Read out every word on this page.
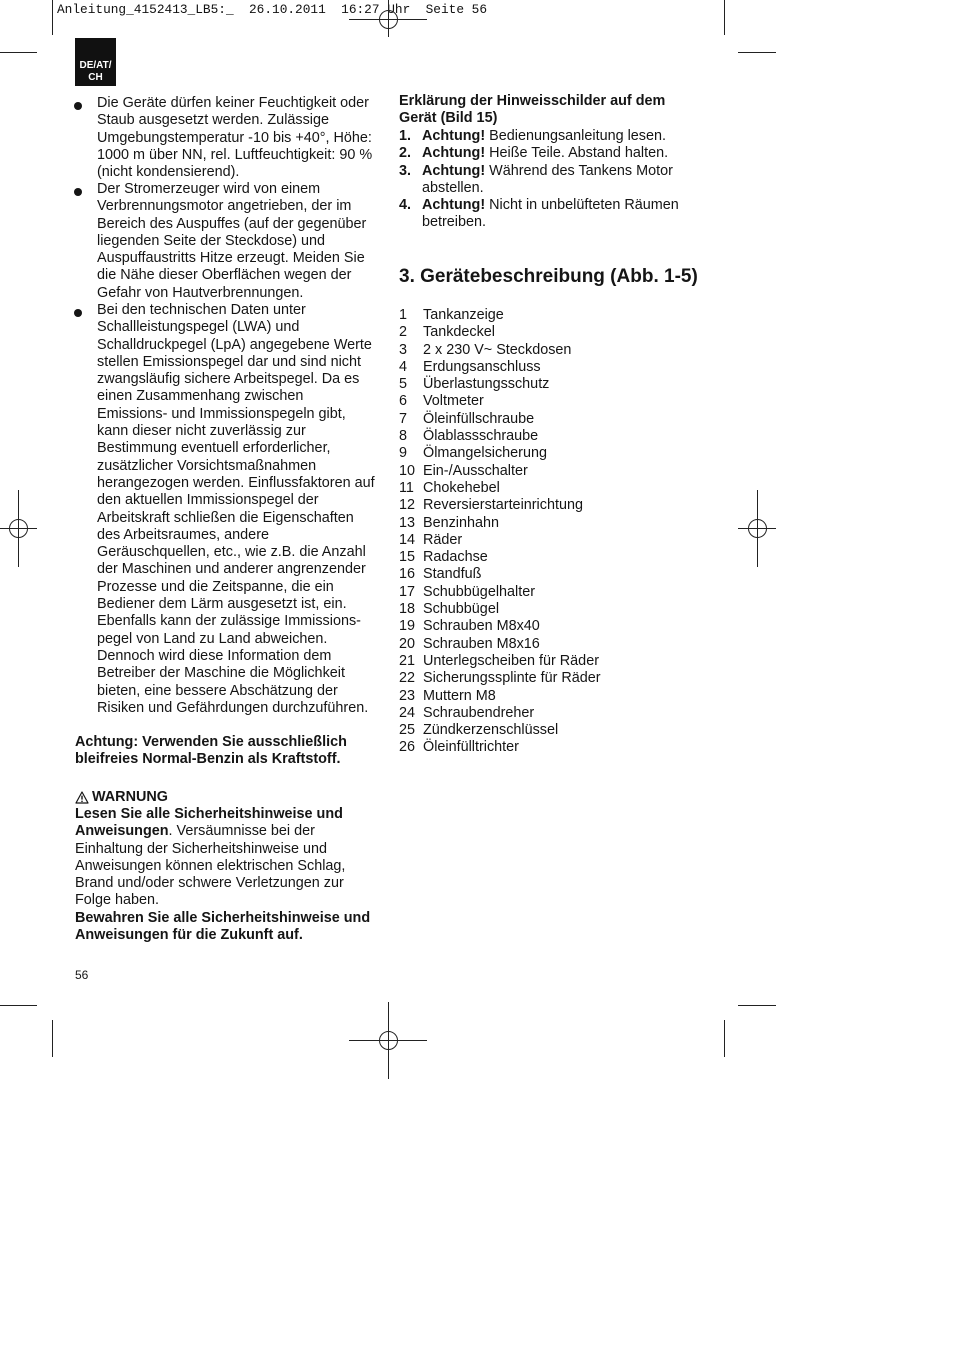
Anleitung_4152413_LB5:_  26.10.2011  16:27 Uhr  Seite 56
DE/AT/
CH
Die Geräte dürfen keiner Feuchtigkeit oder
Staub ausgesetzt werden. Zulässige
Umgebungstemperatur -10 bis +40°, Höhe:
1000 m über NN, rel. Luftfeuchtigkeit: 90 %
(nicht kondensierend).
Der Stromerzeuger wird von einem
Verbrennungsmotor angetrieben, der im
Bereich des Auspuffes (auf der gegenüber
liegenden Seite der Steckdose) und
Auspuffaustritts Hitze erzeugt. Meiden Sie
die Nähe dieser Oberflächen wegen der
Gefahr von Hautverbrennungen.
Bei den technischen Daten unter
Schallleistungspegel (LWA) und
Schalldruckpegel (LpA) angegebene Werte
stellen Emissionspegel dar und sind nicht
zwangsläufig sichere Arbeitspegel. Da es
einen Zusammenhang zwischen
Emissions- und Immissionspegeln gibt,
kann dieser nicht zuverlässig zur
Bestimmung eventuell erforderlicher,
zusätzlicher Vorsichtsmaßnahmen
herangezogen werden. Einflussfaktoren auf
den aktuellen Immissionspegel der
Arbeitskraft schließen die Eigenschaften
des Arbeitsraumes, andere
Geräuschquellen, etc., wie z.B. die Anzahl
der Maschinen und anderer angrenzender
Prozesse und die Zeitspanne, die ein
Bediener dem Lärm ausgesetzt ist, ein.
Ebenfalls kann der zulässige Immissions-
pegel von Land zu Land abweichen.
Dennoch wird diese Information dem
Betreiber der Maschine die Möglichkeit
bieten, eine bessere Abschätzung der
Risiken und Gefährdungen durchzuführen.
Achtung: Verwenden Sie ausschließlich
bleifreies Normal-Benzin als Kraftstoff.

WARNUNG

Lesen Sie alle Sicherheitshinweise und
Anweisungen. Versäumnisse bei der
Einhaltung der Sicherheitshinweise und
Anweisungen können elektrischen Schlag,
Brand und/oder schwere Verletzungen zur
Folge haben.
Bewahren Sie alle Sicherheitshinweise und
Anweisungen für die Zukunft auf.
56
Erklärung der Hinweisschilder auf dem
Gerät (Bild 15)
1. Achtung! Bedienungsanleitung lesen.
2. Achtung! Heiße Teile. Abstand halten.
3. Achtung! Während des Tankens Motor
abstellen.
4. Achtung! Nicht in unbelüfteten Räumen
betreiben.
3. Gerätebeschreibung (Abb. 1-5)
1	Tankanzeige
2	Tankdeckel
3	2 x 230 V~ Steckdosen
4	Erdungsanschluss
5	Überlastungsschutz
6	Voltmeter
7	Öleinfüllschraube
8	Ölablassschraube
9	Ölmangelsicherung
10 Ein-/Ausschalter
11 Chokehebel
12 Reversierstarteinrichtung
13 Benzinhahn
14 Räder
15 Radachse
16 Standfuß
17 Schubbügelhalter
18 Schubbügel
19 Schrauben M8x40
20 Schrauben M8x16
21 Unterlegscheiben für Räder
22 Sicherungssplinte für Räder
23 Muttern M8
24 Schraubendreher
25 Zündkerzenschlüssel
26 Öleinfülltrichter
